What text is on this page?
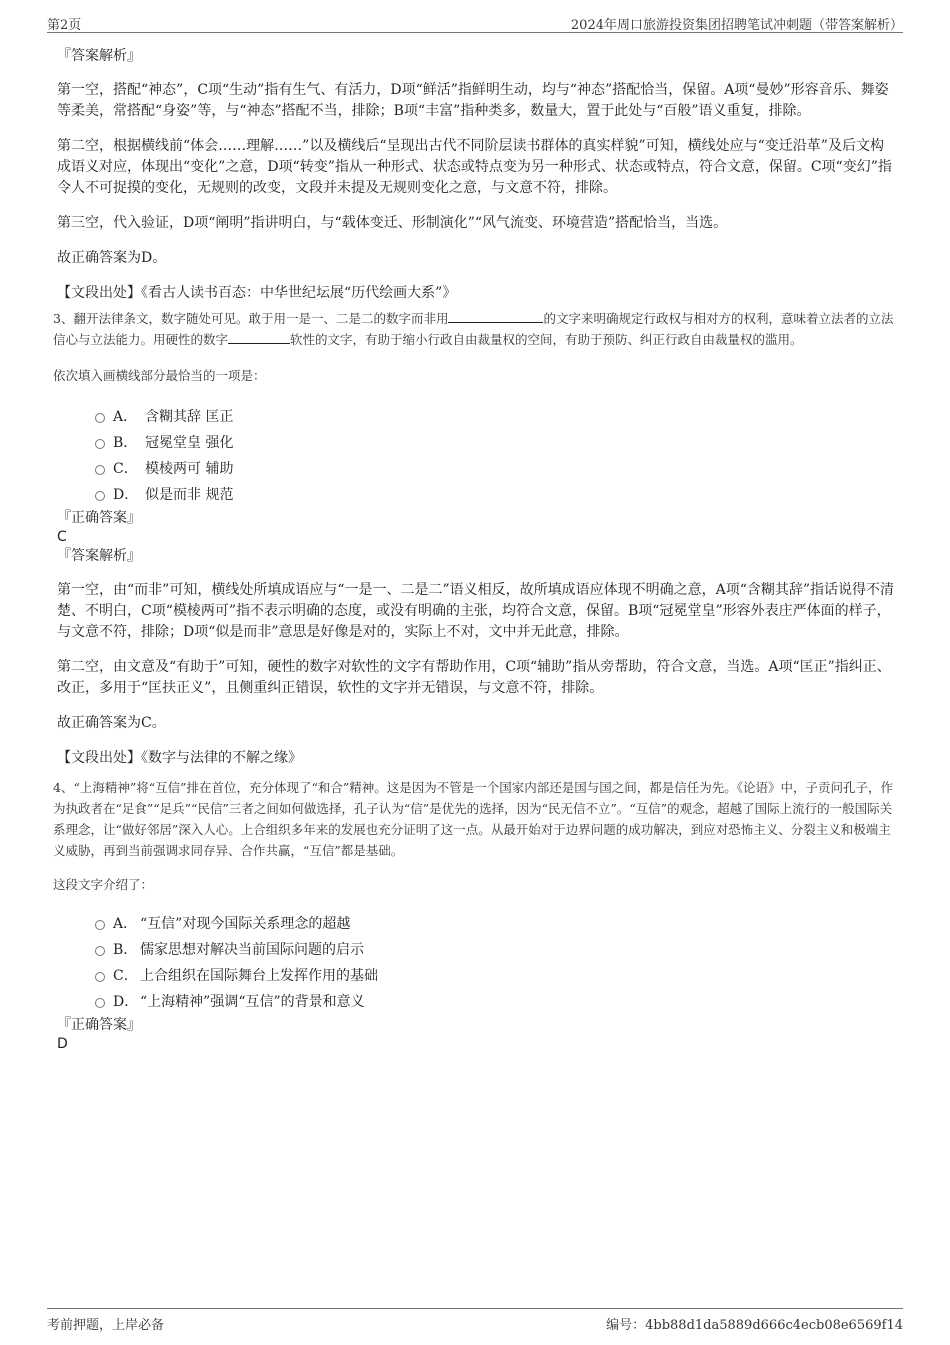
第2页	2024年周口旅游投资集团招聘笔试冲刺题（带答案解析）

『答案解析』

第一空，搭配“神态”，C项“生动”指有生气、有活力，D项“鲜活”指鲜明生动，均与“神态”搭配恰当，保留。A项“曼妙”形容音乐、舞姿等柔美，常搭配“身姿”等，与“神态”搭配不当，排除；B项“丰富”指种类多，数量大，置于此处与“百般”语义重复，排除。

第二空，根据横线前“体会……理解……”以及横线后“呈现出古代不同阶层读书群体的真实样貌”可知，横线处应与“变迁沿革”及后文构成语义对应，体现出“变化”之意，D项“转变”指从一种形式、状态或特点变为另一种形式、状态或特点，符合文意，保留。C项“变幻”指令人不可捉摸的变化，无规则的改变，文段并未提及无规则变化之意，与文意不符，排除。

第三空，代入验证，D项“阐明”指讲明白，与“载体变迁、形制演化”“风气流变、环境营造”搭配恰当，当选。

故正确答案为D。

【文段出处】《看古人读书百态：中华世纪坛展“历代绘画大系”》

3、翻开法律条文，数字随处可见。敢于用一是一、二是二的数字而非用	的文字来明确规定行政权与相对方的权利，意味着立法者的立法信心与立法能力。用硬性的数字	软性的文字，有助于缩小行政自由裁量权的空间，有助于预防、纠正行政自由裁量权的滥用。

依次填入画横线部分最恰当的一项是：

A． 含糊其辞 匡正
B． 冠冕堂皇 强化
C． 模棱两可 辅助
D． 似是而非 规范

『正确答案』

C

『答案解析』

第一空，由“而非”可知，横线处所填成语应与“一是一、二是二”语义相反，故所填成语应体现不明确之意，A项“含糊其辞”指话说得不清楚、不明白，C项“模棱两可”指不表示明确的态度，或没有明确的主张，均符合文意，保留。B项“冠冕堂皇”形容外表庄严体面的样子，与文意不符，排除；D项“似是而非”意思是好像是对的，实际上不对，文中并无此意，排除。

第二空，由文意及“有助于”可知，硬性的数字对软性的文字有帮助作用，C项“辅助”指从旁帮助，符合文意，当选。A项“匡正”指纠正、改正，多用于“匡扶正义”，且侧重纠正错误，软性的文字并无错误，与文意不符，排除。

故正确答案为C。

【文段出处】《数字与法律的不解之缘》

4、“上海精神”将“互信”排在首位，充分体现了“和合”精神。这是因为不管是一个国家内部还是国与国之间，都是信任为先。《论语》中，子贡问孔子，作为执政者在“足食”“足兵”“民信”三者之间如何做选择，孔子认为“信”是优先的选择，因为“民无信不立”。“互信”的观念，超越了国际上流行的一般国际关系理念，让“做好邻居”深入人心。上合组织多年来的发展也充分证明了这一点。从最开始对于边界问题的成功解决，到应对恐怖主义、分裂主义和极端主义威胁，再到当前强调求同存异、合作共赢，“互信”都是基础。

这段文字介绍了：

A． “互信”对现今国际关系理念的超越
B． 儒家思想对解决当前国际问题的启示
C． 上合组织在国际舞台上发挥作用的基础
D． “上海精神”强调“互信”的背景和意义

『正确答案』

D

考前押题，上岸必备	编号：4bb88d1da5889d666c4ecb08e6569f14
